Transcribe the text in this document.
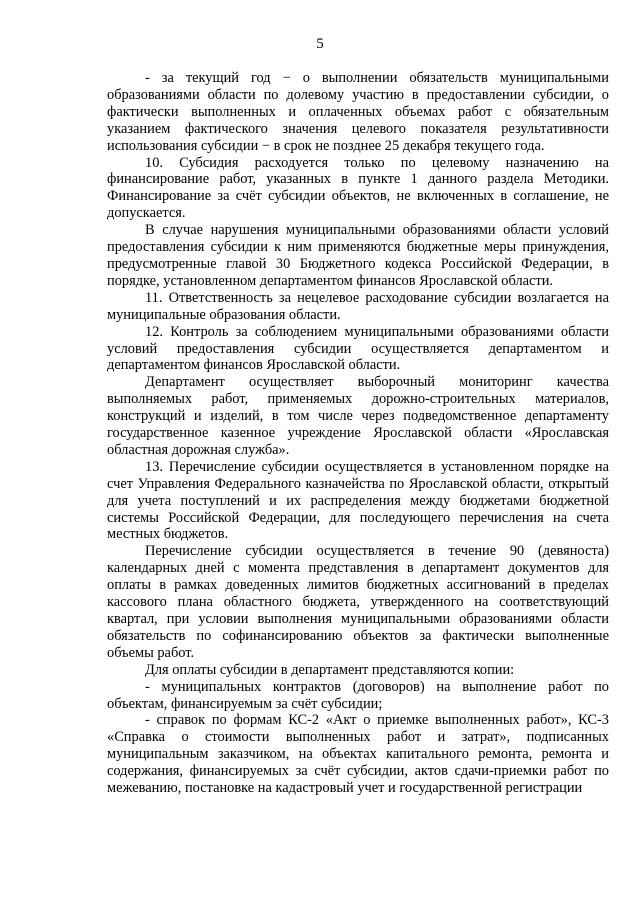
5

- за текущий год − о выполнении обязательств муниципальными образованиями области по долевому участию в предоставлении субсидии, о фактически выполненных и оплаченных объемах работ с обязательным указанием фактического значения целевого показателя результативности использования субсидии − в срок не позднее 25 декабря текущего года.

10. Субсидия расходуется только по целевому назначению на финансирование работ, указанных в пункте 1 данного раздела Методики. Финансирование за счёт субсидии объектов, не включенных в соглашение, не допускается.

В случае нарушения муниципальными образованиями области условий предоставления субсидии к ним применяются бюджетные меры принуждения, предусмотренные главой 30 Бюджетного кодекса Российской Федерации, в порядке, установленном департаментом финансов Ярославской области.

11. Ответственность за нецелевое расходование субсидии возлагается на муниципальные образования области.

12. Контроль за соблюдением муниципальными образованиями области условий предоставления субсидии осуществляется департаментом и департаментом финансов Ярославской области.

Департамент осуществляет выборочный мониторинг качества выполняемых работ, применяемых дорожно-строительных материалов, конструкций и изделий, в том числе через подведомственное департаменту государственное казенное учреждение Ярославской области «Ярославская областная дорожная служба».

13. Перечисление субсидии осуществляется в установленном порядке на счет Управления Федерального казначейства по Ярославской области, открытый для учета поступлений и их распределения между бюджетами бюджетной системы Российской Федерации, для последующего перечисления на счета местных бюджетов.

Перечисление субсидии осуществляется в течение 90 (девяноста) календарных дней с момента представления в департамент документов для оплаты в рамках доведенных лимитов бюджетных ассигнований в пределах кассового плана областного бюджета, утвержденного на соответствующий квартал, при условии выполнения муниципальными образованиями области обязательств по софинансированию объектов за фактически выполненные объемы работ.

Для оплаты субсидии в департамент представляются копии:

- муниципальных контрактов (договоров) на выполнение работ по объектам, финансируемым за счёт субсидии;

- справок по формам КС-2 «Акт о приемке выполненных работ», КС-3 «Справка о стоимости выполненных работ и затрат», подписанных муниципальным заказчиком, на объектах капитального ремонта, ремонта и содержания, финансируемых за счёт субсидии, актов сдачи-приемки работ по межеванию, постановке на кадастровый учет и государственной регистрации
